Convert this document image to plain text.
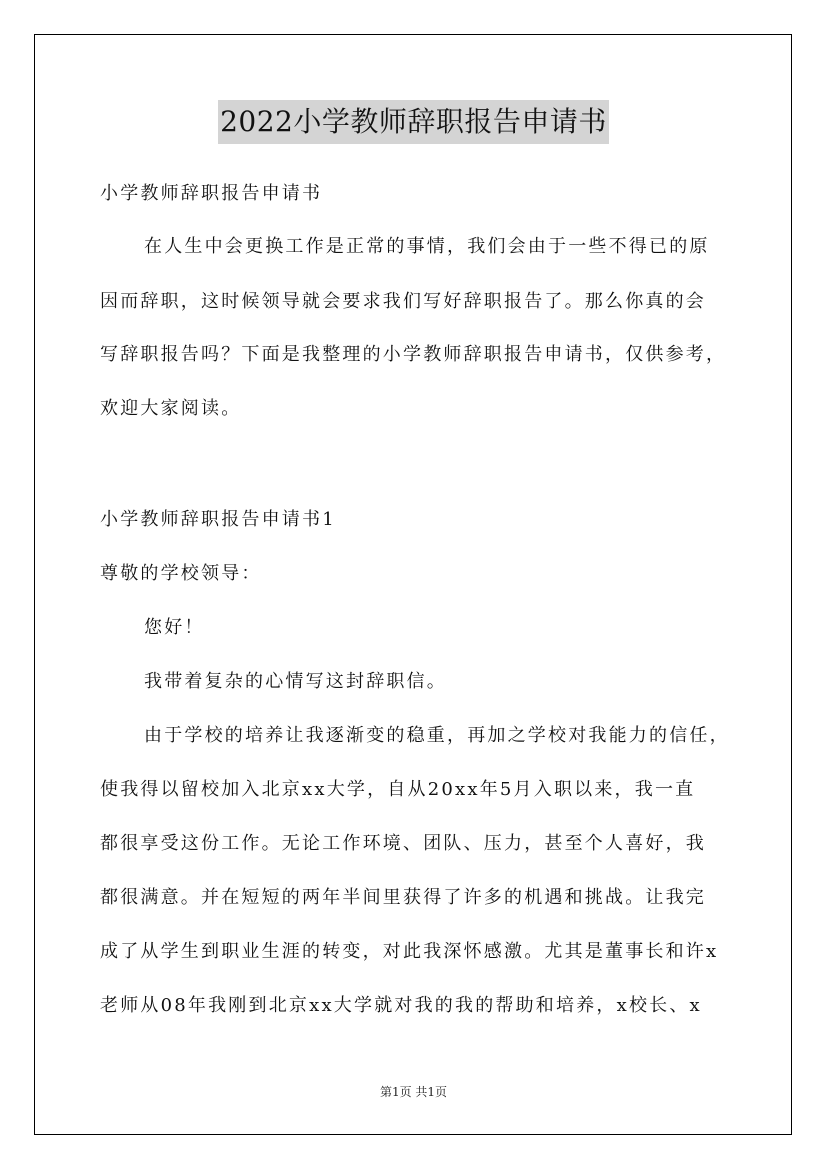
2022小学教师辞职报告申请书
小学教师辞职报告申请书
在人生中会更换工作是正常的事情，我们会由于一些不得已的原
因而辞职，这时候领导就会要求我们写好辞职报告了。那么你真的会
写辞职报告吗？下面是我整理的小学教师辞职报告申请书，仅供参考，
欢迎大家阅读。
小学教师辞职报告申请书1
尊敬的学校领导：
您好！
我带着复杂的心情写这封辞职信。
由于学校的培养让我逐渐变的稳重，再加之学校对我能力的信任，
使我得以留校加入北京xx大学，自从20xx年5月入职以来，我一直
都很享受这份工作。无论工作环境、团队、压力，甚至个人喜好，我
都很满意。并在短短的两年半间里获得了许多的机遇和挑战。让我完
成了从学生到职业生涯的转变，对此我深怀感激。尤其是董事长和许x
老师从08年我刚到北京xx大学就对我的我的帮助和培养，x校长、x
第1页 共1页
